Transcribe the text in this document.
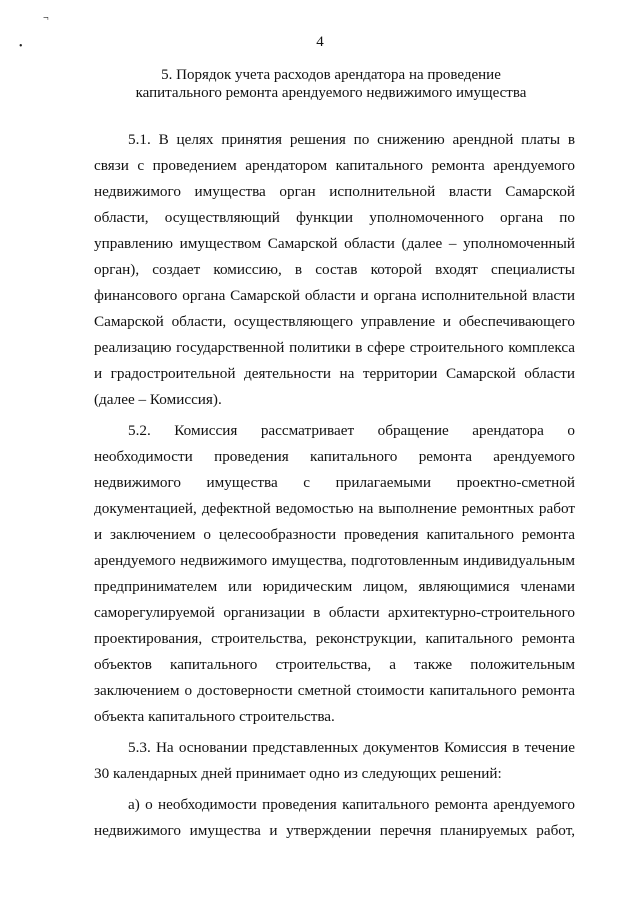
¬
•	4
5. Порядок учета расходов арендатора на проведение
капитального ремонта арендуемого недвижимого имущества

5.1. В целях принятия решения по снижению арендной платы в связи с проведением арендатором капитального ремонта арендуемого недвижимого имущества орган исполнительной власти Самарской области, осуществляющий функции уполномоченного органа по управлению имуществом Самарской области (далее – уполномоченный орган), создает комиссию, в состав которой входят специалисты финансового органа Самарской области и органа исполнительной власти Самарской области, осуществляющего управление и обеспечивающего реализацию государственной политики в сфере строительного комплекса и градостроительной деятельности на территории Самарской области (далее – Комиссия).

5.2. Комиссия рассматривает обращение арендатора о необходимости проведения капитального ремонта арендуемого недвижимого имущества с прилагаемыми проектно-сметной документацией, дефектной ведомостью на выполнение ремонтных работ и заключением о целесообразности проведения капитального ремонта арендуемого недвижимого имущества, подготовленным индивидуальным предпринимателем или юридическим лицом, являющимися членами саморегулируемой организации в области архитектурно-строительного проектирования, строительства, реконструкции, капитального ремонта объектов капитального строительства, а также положительным заключением о достоверности сметной стоимости капитального ремонта объекта капитального строительства.

5.3. На основании представленных документов Комиссия в течение 30 календарных дней принимает одно из следующих решений:

а) о необходимости проведения капитального ремонта арендуемого недвижимого имущества и утверждении перечня планируемых работ,
